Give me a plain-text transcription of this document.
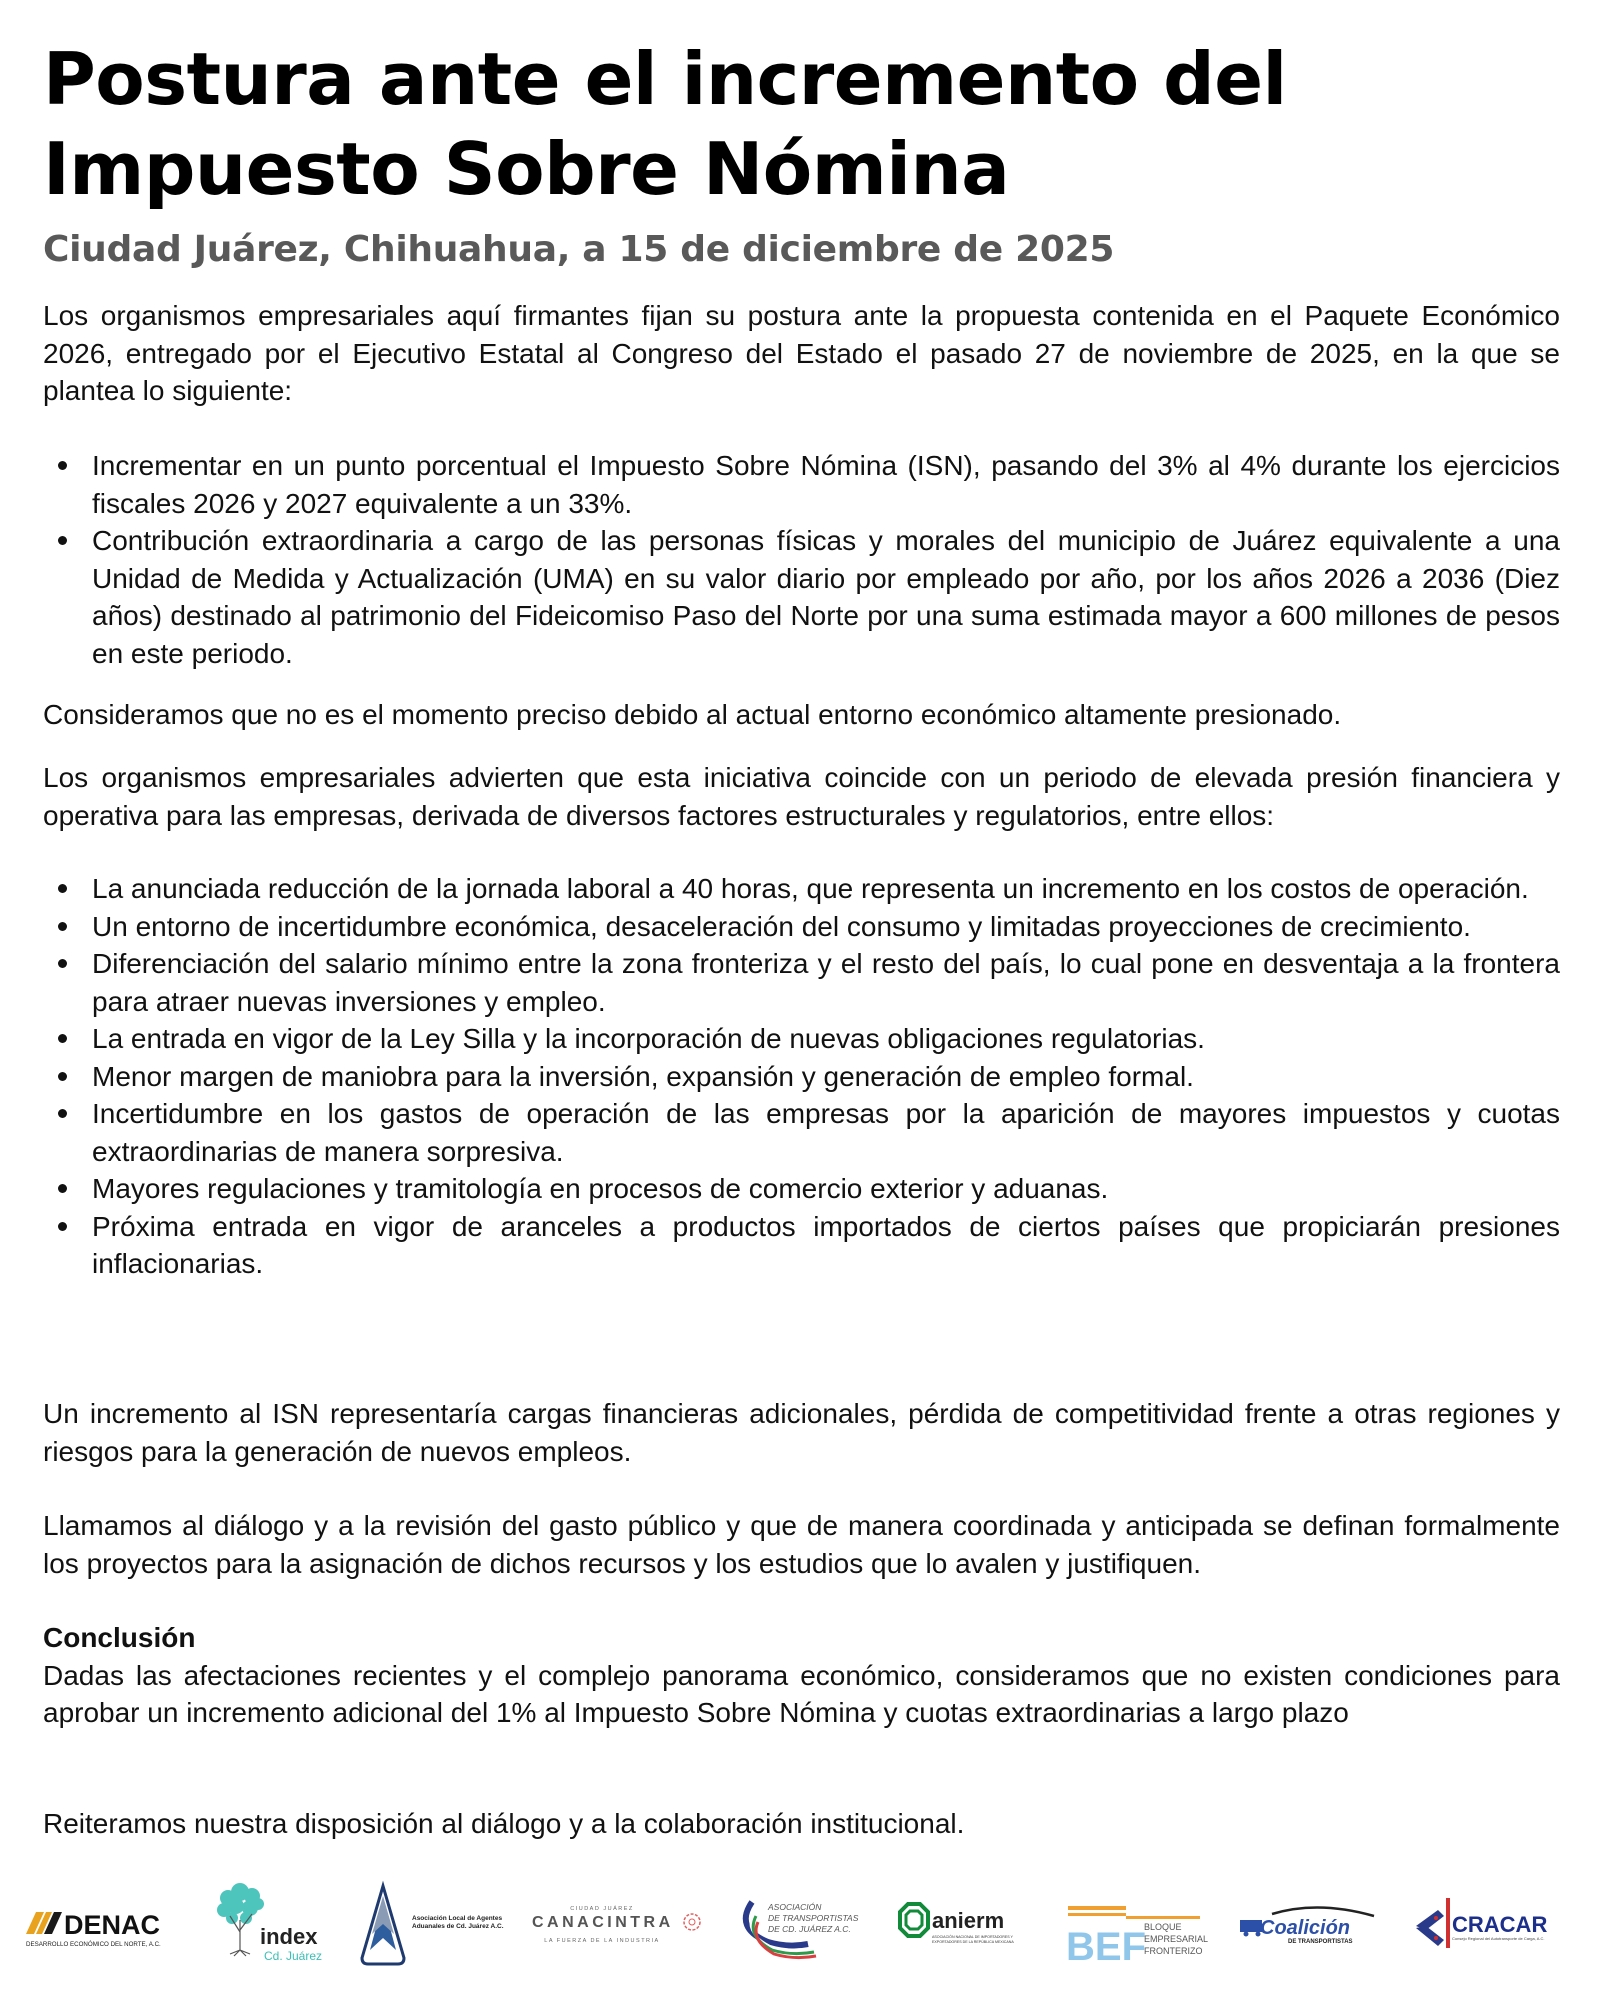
Postura ante el incremento del
Impuesto Sobre Nómina
Ciudad Juárez, Chihuahua, a 15 de diciembre de 2025

Los organismos empresariales aquí firmantes fijan su postura ante la propuesta contenida en el Paquete Económico 2026, entregado por el Ejecutivo Estatal al Congreso del Estado el pasado 27 de noviembre de 2025, en la que se plantea lo siguiente:

Incrementar en un punto porcentual el Impuesto Sobre Nómina (ISN), pasando del 3% al 4% durante los ejercicios fiscales 2026 y 2027 equivalente a un 33%.
Contribución extraordinaria a cargo de las personas físicas y morales del municipio de Juárez equivalente a una Unidad de Medida y Actualización (UMA) en su valor diario por empleado por año, por los años 2026 a 2036 (Diez años) destinado al patrimonio del Fideicomiso Paso del Norte por una suma estimada mayor a 600 millones de pesos en este periodo.

Consideramos que no es el momento preciso debido al actual entorno económico altamente presionado.

Los organismos empresariales advierten que esta iniciativa coincide con un periodo de elevada presión financiera y operativa para las empresas, derivada de diversos factores estructurales y regulatorios, entre ellos:

La anunciada reducción de la jornada laboral a 40 horas, que representa un incremento en los costos de operación.
Un entorno de incertidumbre económica, desaceleración del consumo y limitadas proyecciones de crecimiento.
Diferenciación del salario mínimo entre la zona fronteriza y el resto del país, lo cual pone en desventaja a la frontera para atraer nuevas inversiones y empleo.
La entrada en vigor de la Ley Silla y la incorporación de nuevas obligaciones regulatorias.
Menor margen de maniobra para la inversión, expansión y generación de empleo formal.
Incertidumbre en los gastos de operación de las empresas por la aparición de mayores impuestos y cuotas extraordinarias de manera sorpresiva.
Mayores regulaciones y tramitología en procesos de comercio exterior y aduanas.
Próxima entrada en vigor de aranceles a productos importados de ciertos países que propiciarán presiones inflacionarias.

Un incremento al ISN representaría cargas financieras adicionales, pérdida de competitividad frente a otras regiones y riesgos para la generación de nuevos empleos.

Llamamos al diálogo y a la revisión del gasto público y que de manera coordinada y anticipada se definan formalmente los proyectos para la asignación de dichos recursos y los estudios que lo avalen y justifiquen.

Conclusión

Dadas las afectaciones recientes y el complejo panorama económico, consideramos que no existen condiciones para aprobar un incremento adicional del 1% al Impuesto Sobre Nómina y cuotas extraordinarias a largo plazo

Reiteramos nuestra disposición al diálogo y a la colaboración institucional.

DENAC
DESARROLLO ECONÓMICO DEL NORTE, A.C.	index
Cd. Juárez
Asociación Local de Agentes
Aduanales de Cd. Juárez A.C.
CIUDAD JUÁREZ
CANACINTRA
LA FUERZA DE LA INDUSTRIA
ASOCIACIÓN
DE TRANSPORTISTAS
DE CD. JUÁREZ A.C.	anierm
ASOCIACIÓN NACIONAL DE IMPORTADORES Y
EXPORTADORES DE LA REPÚBLICA MEXICANA BEF
BLOQUE
EMPRESARIAL
FRONTERIZO
Coalición
DE TRANSPORTISTAS
CRACAR
Consejo Regional del Autotransporte de Carga, A.C.
